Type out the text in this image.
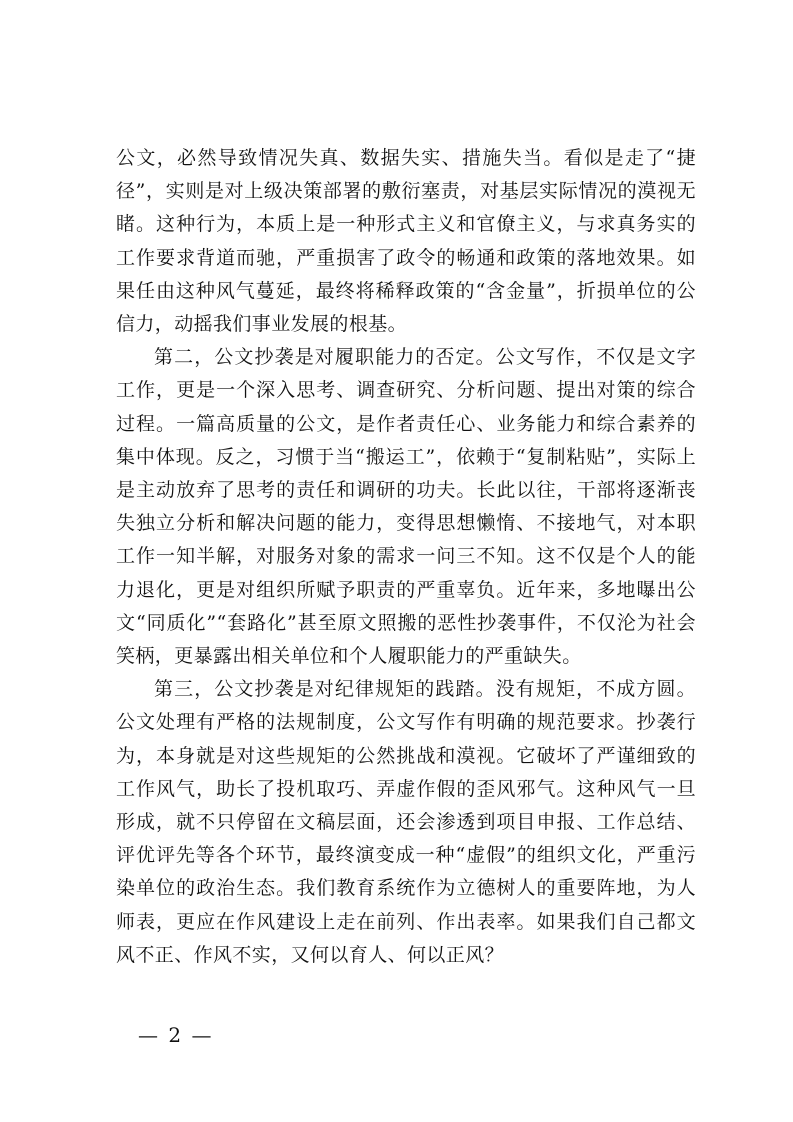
公文，必然导致情况失真、数据失实、措施失当。看似是走了“捷径”，实则是对上级决策部署的敷衍塞责，对基层实际情况的漠视无睹。这种行为，本质上是一种形式主义和官僚主义，与求真务实的工作要求背道而驰，严重损害了政令的畅通和政策的落地效果。如果任由这种风气蔓延，最终将稀释政策的“含金量”，折损单位的公信力，动摇我们事业发展的根基。

第二，公文抄袭是对履职能力的否定。公文写作，不仅是文字工作，更是一个深入思考、调查研究、分析问题、提出对策的综合过程。一篇高质量的公文，是作者责任心、业务能力和综合素养的集中体现。反之，习惯于当“搬运工”，依赖于“复制粘贴”，实际上是主动放弃了思考的责任和调研的功夫。长此以往，干部将逐渐丧失独立分析和解决问题的能力，变得思想懒惰、不接地气，对本职工作一知半解，对服务对象的需求一问三不知。这不仅是个人的能力退化，更是对组织所赋予职责的严重辜负。近年来，多地曝出公文“同质化”“套路化”甚至原文照搬的恶性抄袭事件，不仅沦为社会笑柄，更暴露出相关单位和个人履职能力的严重缺失。

第三，公文抄袭是对纪律规矩的践踏。没有规矩，不成方圆。公文处理有严格的法规制度，公文写作有明确的规范要求。抄袭行为，本身就是对这些规矩的公然挑战和漠视。它破坏了严谨细致的工作风气，助长了投机取巧、弄虚作假的歪风邪气。这种风气一旦形成，就不只停留在文稿层面，还会渗透到项目申报、工作总结、评优评先等各个环节，最终演变成一种“虚假”的组织文化，严重污染单位的政治生态。我们教育系统作为立德树人的重要阵地，为人师表，更应在作风建设上走在前列、作出表率。如果我们自己都文风不正、作风不实，又何以育人、何以正风？

— 2 —
